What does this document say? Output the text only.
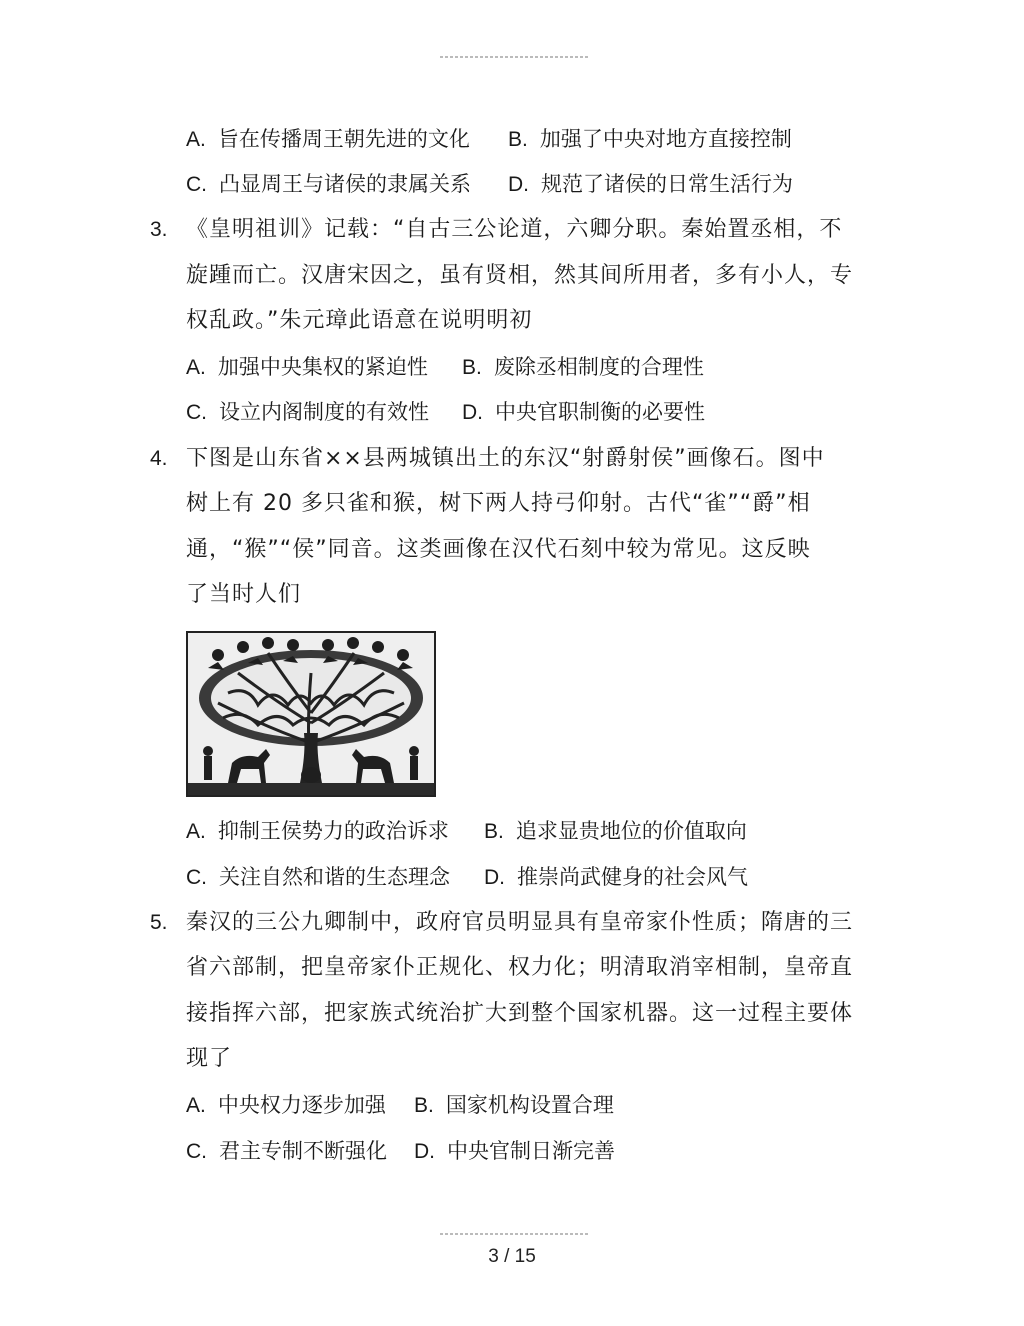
A. 旨在传播周王朝先进的文化 B. 加强了中央对地方直接控制
C. 凸显周王与诸侯的隶属关系 D. 规范了诸侯的日常生活行为
3. 《皇明祖训》记载：“自古三公论道，六卿分职。秦始置丞相，不
旋踵而亡。汉唐宋因之，虽有贤相，然其间所用者，多有小人，专
权乱政。”朱元璋此语意在说明明初
A. 加强中央集权的紧迫性 B. 废除丞相制度的合理性
C. 设立内阁制度的有效性 D. 中央官职制衡的必要性
4. 下图是山东省××县两城镇出土的东汉“射爵射侯”画像石。图中
树上有 20 多只雀和猴，树下两人持弓仰射。古代“雀”“爵”相
通，“猴”“侯”同音。这类画像在汉代石刻中较为常见。这反映
了当时人们
A. 抑制王侯势力的政治诉求 B. 追求显贵地位的价值取向
C. 关注自然和谐的生态理念 D. 推崇尚武健身的社会风气
5. 秦汉的三公九卿制中，政府官员明显具有皇帝家仆性质；隋唐的三
省六部制，把皇帝家仆正规化、权力化；明清取消宰相制，皇帝直
接指挥六部，把家族式统治扩大到整个国家机器。这一过程主要体
现了
A. 中央权力逐步加强 B. 国家机构设置合理
C. 君主专制不断强化 D. 中央官制日渐完善
3 / 15
